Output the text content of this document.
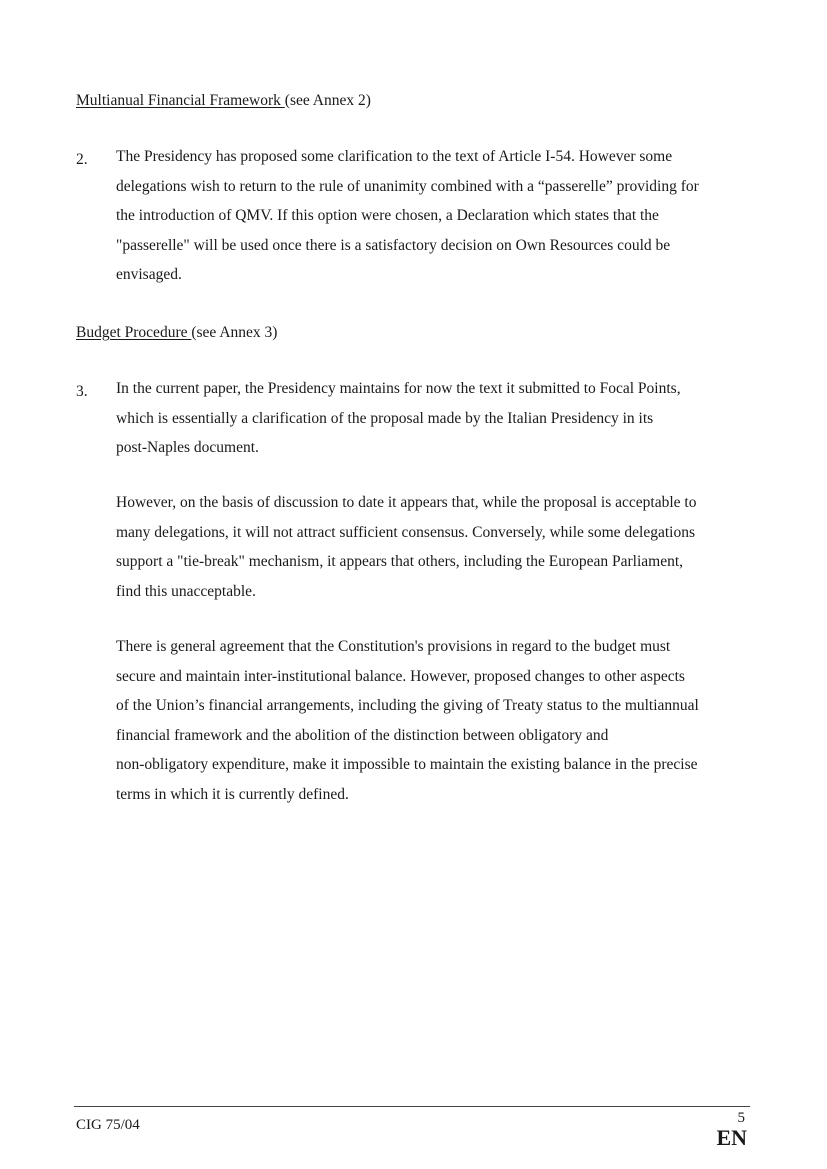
Multianual Financial Framework (see Annex 2)
2. The Presidency has proposed some clarification to the text of Article I-54. However some
delegations wish to return to the rule of unanimity combined with a “passerelle” providing for
the introduction of QMV. If this option were chosen, a Declaration which states that the
"passerelle" will be used once there is a satisfactory decision on Own Resources could be
envisaged.

Budget Procedure (see Annex 3)
3. In the current paper, the Presidency maintains for now the text it submitted to Focal Points,
which is essentially a clarification of the proposal made by the Italian Presidency in its
post-Naples document.

However, on the basis of discussion to date it appears that, while the proposal is acceptable to
many delegations, it will not attract sufficient consensus. Conversely, while some delegations
support a "tie-break" mechanism, it appears that others, including the European Parliament,
find this unacceptable.

There is general agreement that the Constitution's provisions in regard to the budget must
secure and maintain inter-institutional balance. However, proposed changes to other aspects
of the Union’s financial arrangements, including the giving of Treaty status to the multiannual
financial framework and the abolition of the distinction between obligatory and
non-obligatory expenditure, make it impossible to maintain the existing balance in the precise
terms in which it is currently defined.

CIG 75/04	5
EN
